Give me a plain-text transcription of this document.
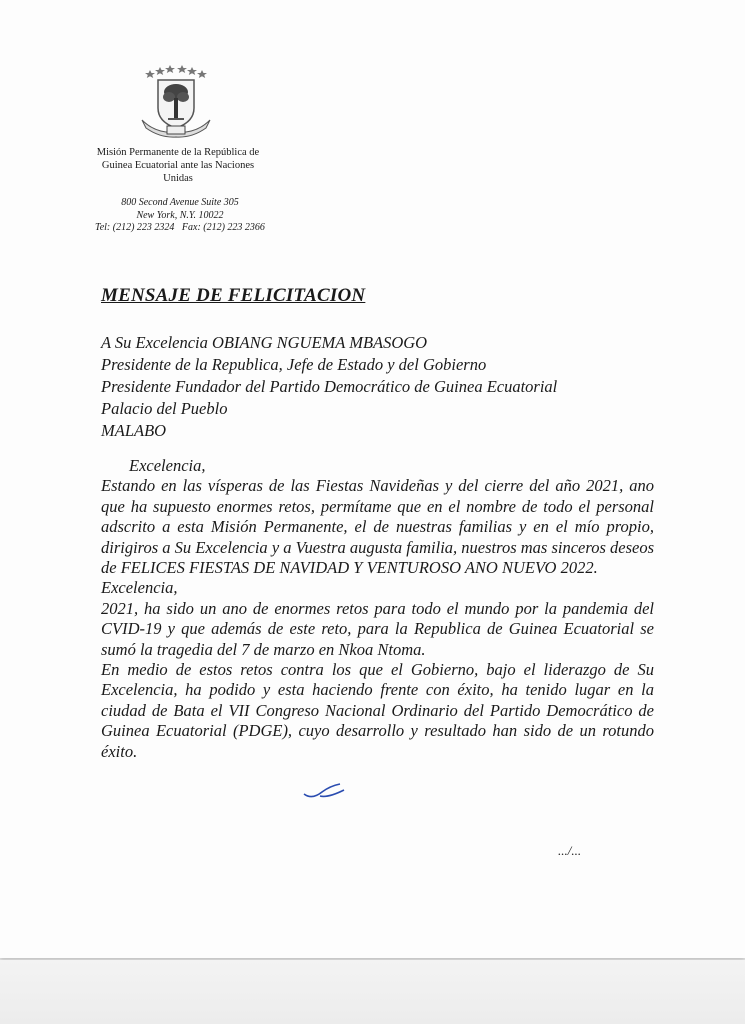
Misión Permanente de la República de
Guinea Ecuatorial ante las Naciones
Unidas
800 Second Avenue Suite 305
New York, N.Y. 10022
Tel: (212) 223 2324   Fax: (212) 223 2366
MENSAJE DE FELICITACION
A Su Excelencia OBIANG NGUEMA MBASOGO
Presidente de la Republica, Jefe de Estado y del Gobierno
Presidente Fundador del Partido Democrático de Guinea Ecuatorial
Palacio del Pueblo
MALABO

Excelencia,

Estando en las vísperas de las Fiestas Navideñas y del cierre del año 2021, ano que ha supuesto enormes retos, permítame que en el nombre de todo el personal adscrito a esta Misión Permanente, el de nuestras familias y en el mío propio, dirigiros a Su Excelencia y a Vuestra augusta familia, nuestros mas sinceros deseos de FELICES FIESTAS DE NAVIDAD Y VENTUROSO ANO NUEVO 2022.

Excelencia,

2021, ha sido un ano de enormes retos para todo el mundo por la pandemia del CVID-19 y que además de este reto, para la Republica de Guinea Ecuatorial se sumó la tragedia del 7 de marzo en Nkoa Ntoma.

En medio de estos retos contra los que el Gobierno, bajo el liderazgo de Su Excelencia, ha podido y esta haciendo frente con éxito, ha tenido lugar en la ciudad de Bata el VII Congreso Nacional Ordinario del Partido Democrático de Guinea Ecuatorial (PDGE), cuyo desarrollo y resultado han sido de un rotundo éxito.

.../...
